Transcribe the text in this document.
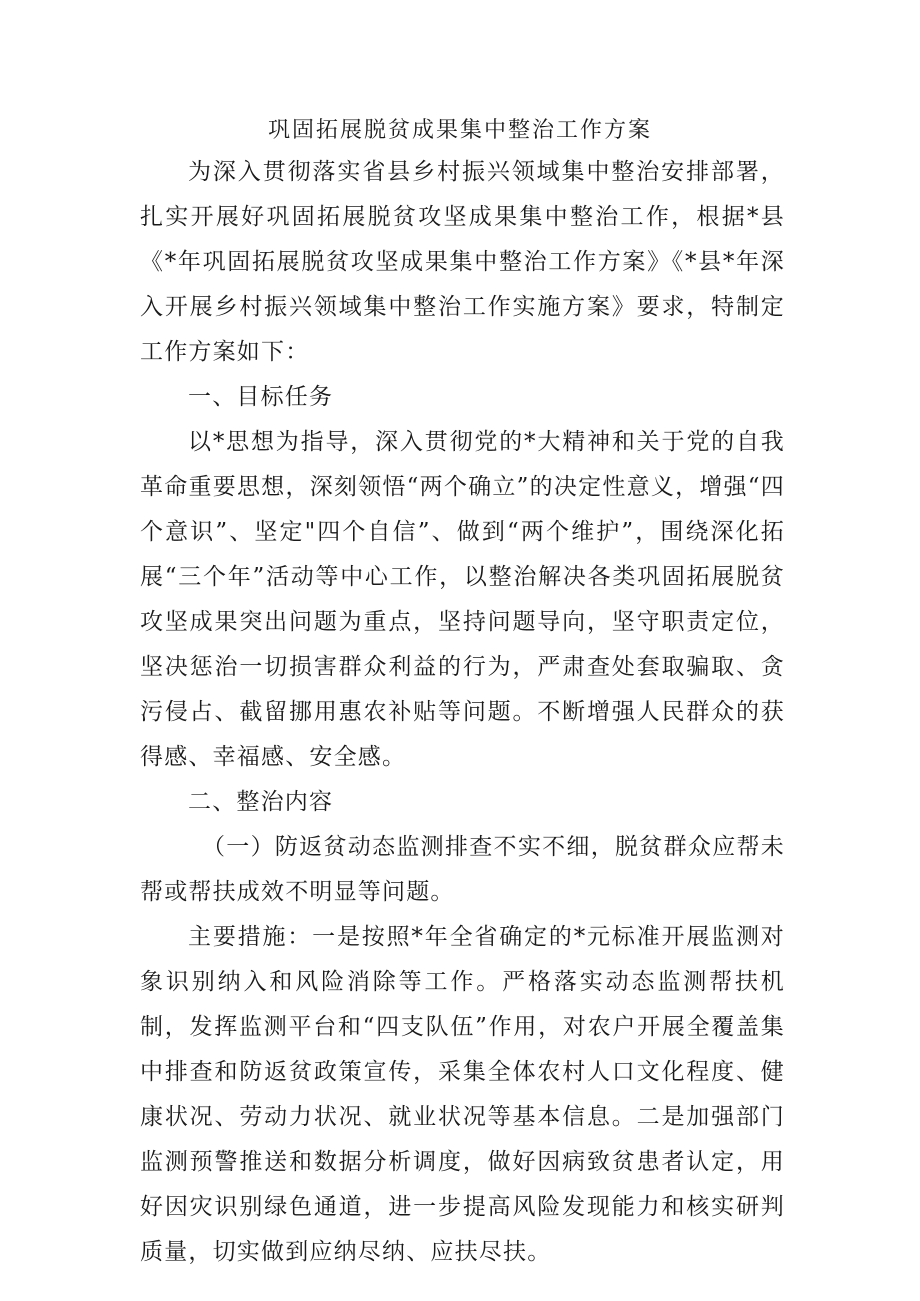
巩固拓展脱贫成果集中整治工作方案

为深入贯彻落实省县乡村振兴领域集中整治安排部署，扎实开展好巩固拓展脱贫攻坚成果集中整治工作，根据*县《*年巩固拓展脱贫攻坚成果集中整治工作方案》《*县*年深入开展乡村振兴领域集中整治工作实施方案》要求，特制定工作方案如下：

一、目标任务

以*思想为指导，深入贯彻党的*大精神和关于党的自我革命重要思想，深刻领悟“两个确立”的决定性意义，增强“四个意识”、坚定"四个自信”、做到“两个维护”，围绕深化拓展“三个年”活动等中心工作，以整治解决各类巩固拓展脱贫攻坚成果突出问题为重点，坚持问题导向，坚守职责定位，坚决惩治一切损害群众利益的行为，严肃查处套取骗取、贪污侵占、截留挪用惠农补贴等问题。不断增强人民群众的获得感、幸福感、安全感。

二、整治内容

（一）防返贫动态监测排查不实不细，脱贫群众应帮未帮或帮扶成效不明显等问题。

主要措施：一是按照*年全省确定的*元标准开展监测对象识别纳入和风险消除等工作。严格落实动态监测帮扶机制，发挥监测平台和“四支队伍”作用，对农户开展全覆盖集中排查和防返贫政策宣传，采集全体农村人口文化程度、健康状况、劳动力状况、就业状况等基本信息。二是加强部门监测预警推送和数据分析调度，做好因病致贫患者认定，用好因灾识别绿色通道，进一步提高风险发现能力和核实研判质量，切实做到应纳尽纳、应扶尽扶。
